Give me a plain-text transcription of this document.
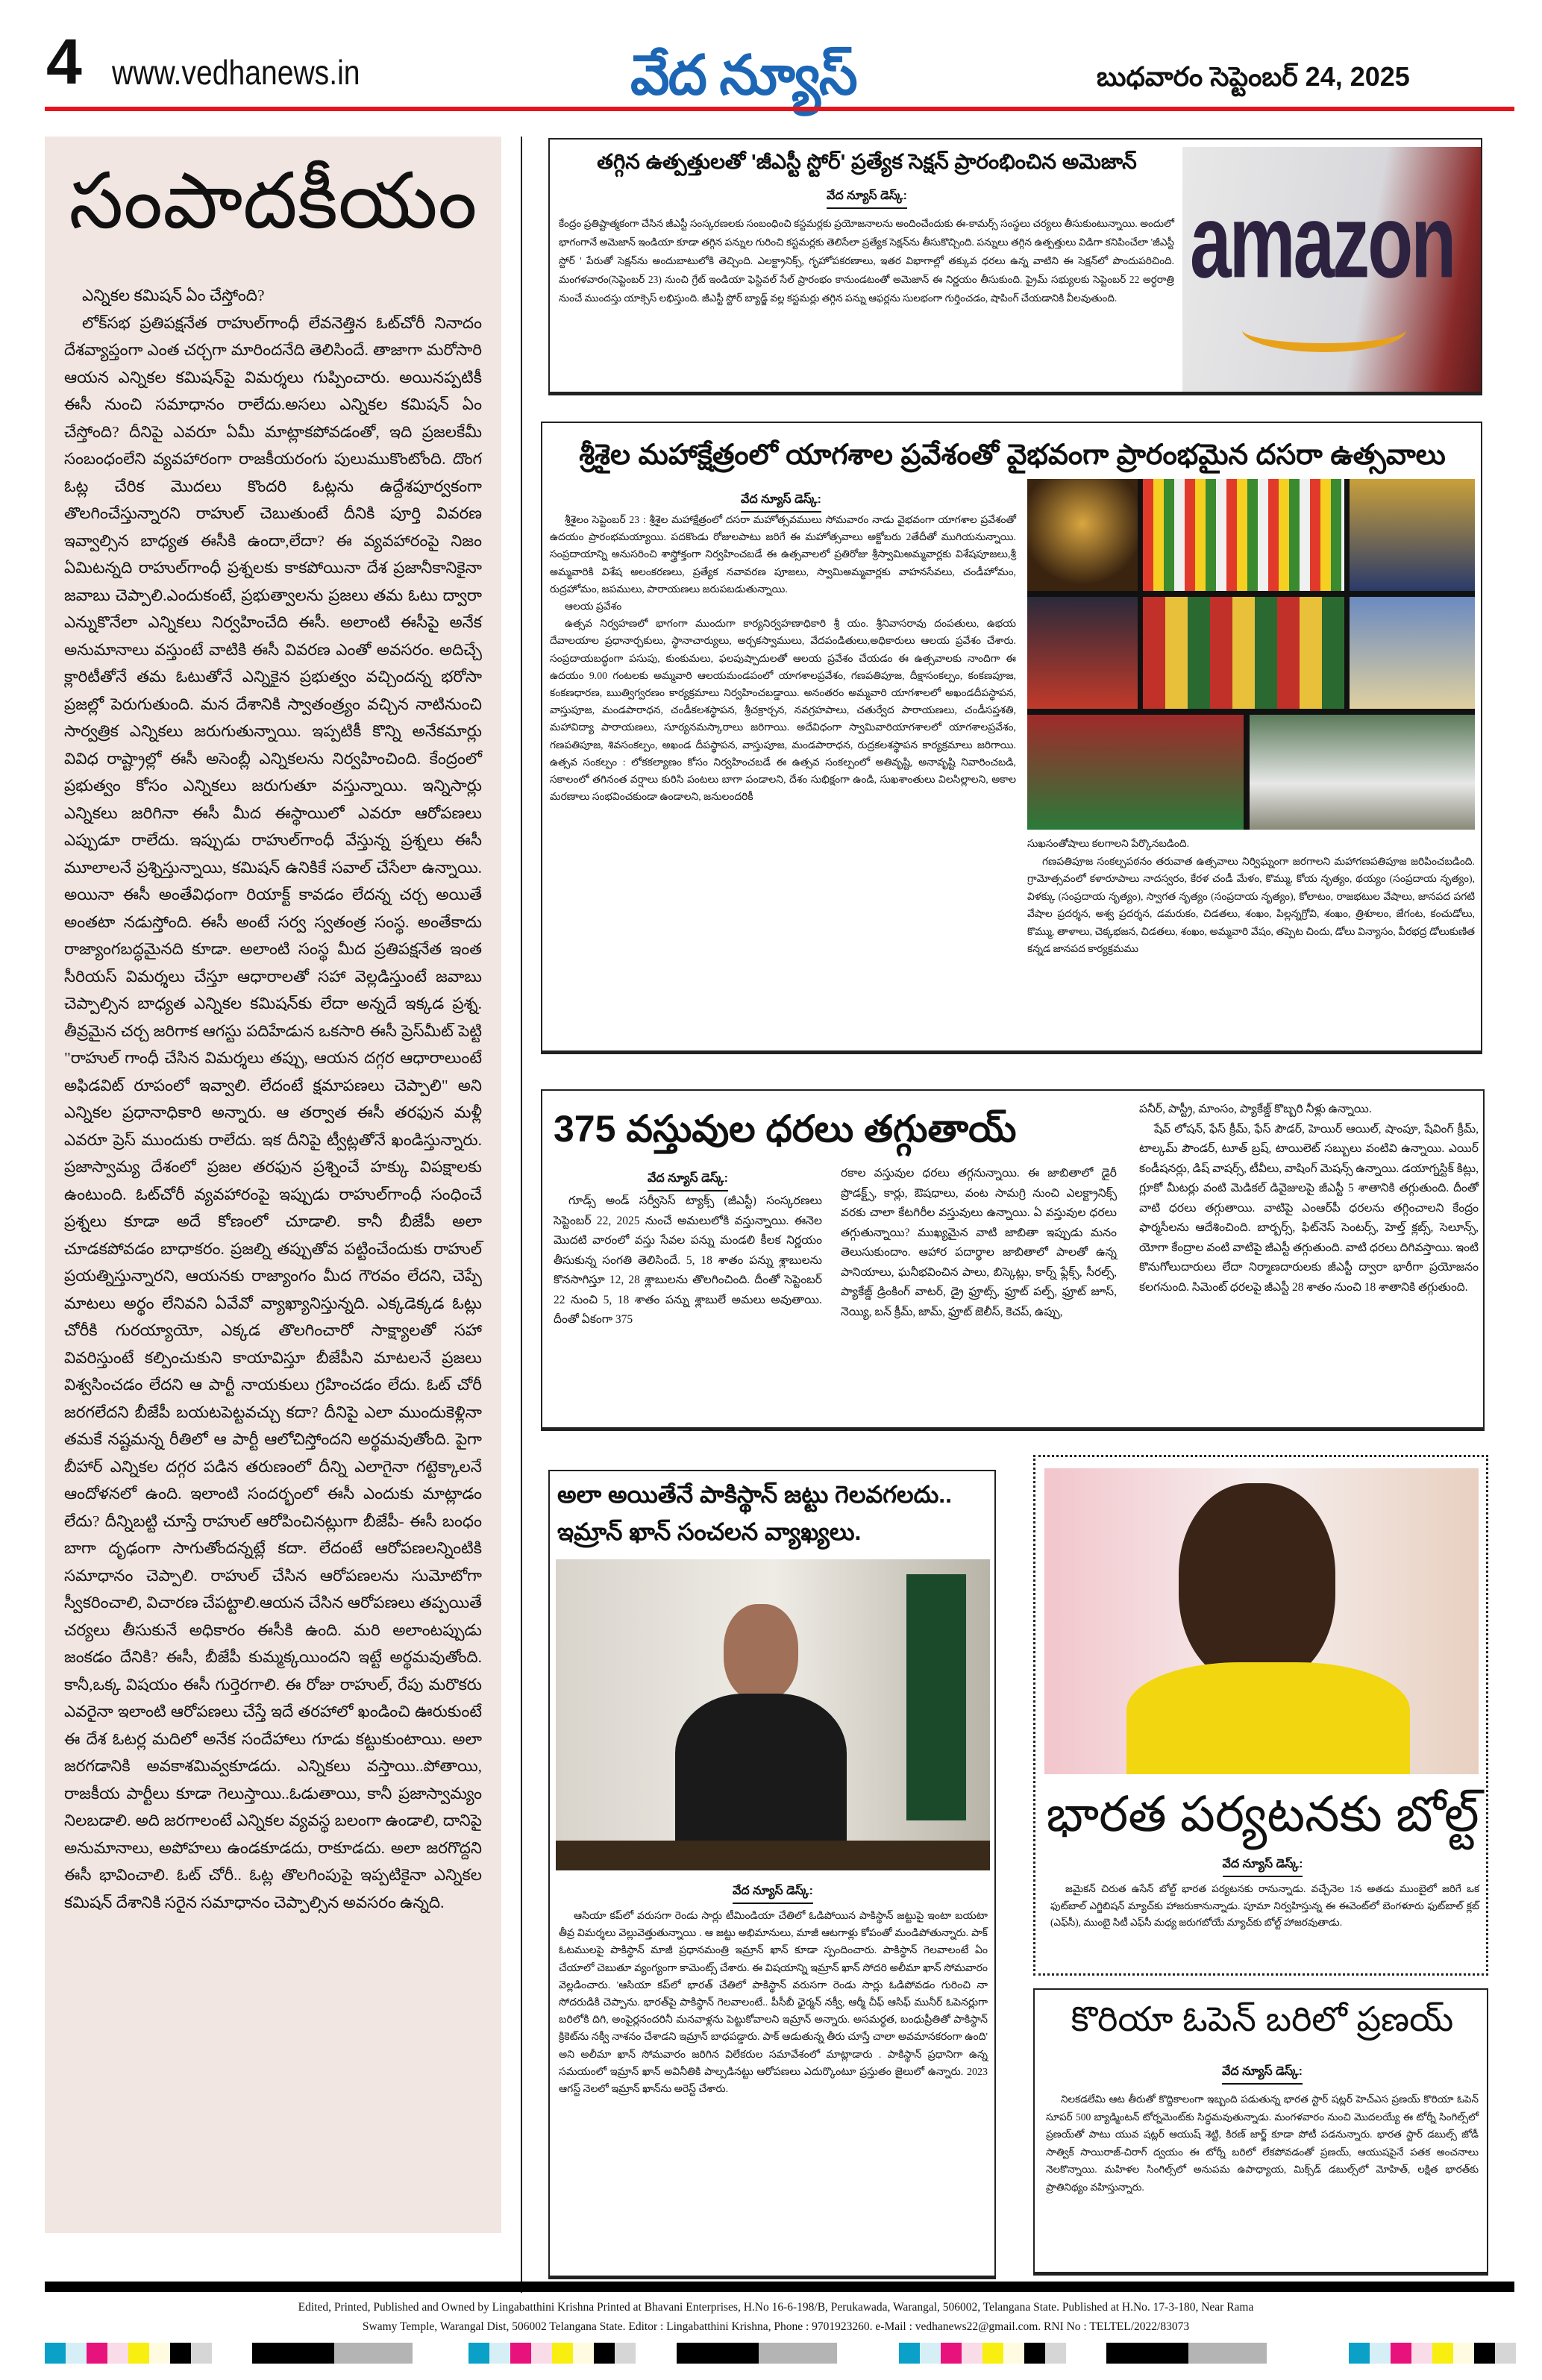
4 www.vedhanews.in	వేద న్యూస్	బుధవారం సెప్టెంబర్ 24, 2025
సంపాదకీయం

ఎన్నికల కమిషన్ ఏం చేస్తోంది?

లోక్‌సభ ప్రతిపక్షనేత రాహుల్‌గాంధీ లేవనెత్తిన ఓట్‌చోరీ నినాదం దేశవ్యాప్తంగా ఎంత చర్చగా మారిందనేది తెలిసిందే. తాజాగా మరోసారి ఆయన ఎన్నికల కమిషన్‌పై విమర్శలు గుప్పించారు. అయినప్పటికీ ఈసీ నుంచి సమాధానం రాలేదు.అసలు ఎన్నికల కమిషన్ ఏం చేస్తోంది? దీనిపై ఎవరూ ఏమీ మాట్లాకపోవడంతో, ఇది ప్రజలకేమీ సంబంధంలేని వ్యవహారంగా రాజకీయరంగు పులుముకొంటోంది. దొంగ ఓట్ల చేరిక మొదలు కొందరి ఓట్లను ఉద్దేశపూర్వకంగా తొలగించేస్తున్నారని రాహుల్ చెబుతుంటే దీనికి పూర్తి వివరణ ఇవ్వాల్సిన బాధ్యత ఈసీకి ఉందా,లేదా? ఈ వ్యవహారంపై నిజం ఏమిటన్నది రాహుల్‌గాంధీ ప్రశ్నలకు కాకపోయినా దేశ ప్రజానీకానికైనా జవాబు చెప్పాలి.ఎందుకంటే, ప్రభుత్వాలను ప్రజలు తమ ఓటు ద్వారా ఎన్నుకొనేలా ఎన్నికలు నిర్వహించేది ఈసీ. అలాంటి ఈసీపై అనేక అనుమానాలు వస్తుంటే వాటికి ఈసీ వివరణ ఎంతో అవసరం. అదిచ్చే క్లారిటీతోనే తమ ఓటుతోనే ఎన్నికైన ప్రభుత్వం వచ్చిందన్న భరోసా ప్రజల్లో పెరుగుతుంది. మన దేశానికి స్వాతంత్ర్యం వచ్చిన నాటినుంచి సార్వత్రిక ఎన్నికలు జరుగుతున్నాయి. ఇప్పటికీ కొన్ని అనేకమార్లు వివిధ రాష్ట్రాల్లో ఈసీ అసెంబ్లీ ఎన్నికలను నిర్వహించింది. కేంద్రంలో ప్రభుత్వం కోసం ఎన్నికలు జరుగుతూ వస్తున్నాయి. ఇన్నిసార్లు ఎన్నికలు జరిగినా ఈసీ మీద ఈస్థాయిలో ఎవరూ ఆరోపణలు ఎప్పుడూ రాలేదు. ఇప్పుడు రాహుల్‌గాంధీ వేస్తున్న ప్రశ్నలు ఈసీ మూలాలనే ప్రశ్నిస్తున్నాయి, కమిషన్ ఉనికికే సవాల్ చేసేలా ఉన్నాయి. అయినా ఈసీ అంతేవిధంగా రియాక్ట్ కావడం లేదన్న చర్చ అయితే అంతటా నడుస్తోంది. ఈసీ అంటే సర్వ స్వతంత్ర సంస్థ. అంతేకాదు రాజ్యాంగబద్ధమైనది కూడా. అలాంటి సంస్థ మీద ప్రతిపక్షనేత ఇంత సీరియస్ విమర్శలు చేస్తూ ఆధారాలతో సహా వెల్లడిస్తుంటే జవాబు చెప్పాల్సిన బాధ్యత ఎన్నికల కమిషన్‌కు లేదా అన్నదే ఇక్కడ ప్రశ్న. తీవ్రమైన చర్చ జరిగాక ఆగస్టు పదిహేడున ఒకసారి ఈసీ ప్రెస్‌మీట్ పెట్టి "రాహుల్ గాంధీ చేసిన విమర్శలు తప్పు, ఆయన దగ్గర ఆధారాలుంటే అఫిడవిట్ రూపంలో ఇవ్వాలి. లేదంటే క్షమాపణలు చెప్పాలి" అని ఎన్నికల ప్రధానాధికారి అన్నారు. ఆ తర్వాత ఈసీ తరఫున మళ్లీ ఎవరూ ప్రెస్ ముందుకు రాలేదు. ఇక దీనిపై ట్వీట్లతోనే ఖండిస్తున్నారు. ప్రజాస్వామ్య దేశంలో ప్రజల తరఫున ప్రశ్నించే హక్కు విపక్షాలకు ఉంటుంది. ఓట్‌చోరీ వ్యవహారంపై ఇప్పుడు రాహుల్‌గాంధీ సంధించే ప్రశ్నలు కూడా అదే కోణంలో చూడాలి. కానీ బీజేపీ అలా చూడకపోవడం బాధాకరం. ప్రజల్ని తప్పుతోవ పట్టించేందుకు రాహుల్ ప్రయత్నిస్తున్నారని, ఆయనకు రాజ్యాంగం మీద గౌరవం లేదని, చెప్పే మాటలు అర్థం లేనివని ఏవేవో వ్యాఖ్యానిస్తున్నది. ఎక్కడెక్కడ ఓట్లు చోరీకి గురయ్యాయో, ఎక్కడ తొలగించారో సాక్ష్యాలతో సహా వివరిస్తుంటే కల్పించుకుని కాయావిస్తూ బీజేపీని మాటలనే ప్రజలు విశ్వసించడం లేదని ఆ పార్టీ నాయకులు గ్రహించడం లేదు. ఓట్ చోరీ జరగలేదని బీజేపీ బయటపెట్టవచ్చు కదా? దీనిపై ఎలా ముందుకెళ్లినా తమకే నష్టమన్న రీతిలో ఆ పార్టీ ఆలోచిస్తోందని అర్థమవుతోంది. పైగా బీహార్ ఎన్నికల దగ్గర పడిన తరుణంలో దీన్ని ఎలాగైనా గట్టెక్కాలనే ఆందోళనలో ఉంది. ఇలాంటి సందర్భంలో ఈసీ ఎందుకు మాట్లాడం లేదు? దీన్నిబట్టి చూస్తే రాహుల్ ఆరోపించినట్లుగా బీజేపీ- ఈసీ బంధం బాగా దృఢంగా సాగుతోందన్నట్లే కదా. లేదంటే ఆరోపణలన్నింటికి సమాధానం చెప్పాలి. రాహుల్ చేసిన ఆరోపణలను సుమోటోగా స్వీకరించాలి, విచారణ చేపట్టాలి.ఆయన చేసిన ఆరోపణలు తప్పయితే చర్యలు తీసుకునే అధికారం ఈసీకి ఉంది. మరి అలాంటప్పుడు జంకడం దేనికి? ఈసీ, బీజేపీ కుమ్మక్కయిందని ఇట్టే అర్థమవుతోంది. కానీ,ఒక్క విషయం ఈసీ గుర్తెరగాలి. ఈ రోజు రాహుల్, రేపు మరొకరు ఎవరైనా ఇలాంటి ఆరోపణలు చేస్తే ఇదే తరహాలో ఖండించి ఊరుకుంటే ఈ దేశ ఓటర్ల మదిలో అనేక సందేహాలు గూడు కట్టుకుంటాయి. అలా జరగడానికి అవకాశమివ్వకూడదు. ఎన్నికలు వస్తాయి..పోతాయి, రాజకీయ పార్టీలు కూడా గెలుస్తాయి..ఓడుతాయి, కానీ ప్రజాస్వామ్యం నిలబడాలి. అది జరగాలంటే ఎన్నికల వ్యవస్థ బలంగా ఉండాలి, దానిపై అనుమానాలు, అపోహలు ఉండకూడదు, రాకూడదు. అలా జరగొద్దని ఈసీ భావించాలి. ఓట్ చోరీ.. ఓట్ల తొలగింపుపై ఇప్పటికైనా ఎన్నికల కమిషన్ దేశానికి సరైన సమాధానం చెప్పాల్సిన అవసరం ఉన్నది.

తగ్గిన ఉత్పత్తులతో 'జీఎస్టీ స్టోర్' ప్రత్యేక సెక్షన్ ప్రారంభించిన అమెజాన్
వేద న్యూస్ డెస్క్:
కేంద్రం ప్రతిష్టాత్మకంగా చేసిన జీఎస్టీ సంస్కరణలకు సంబంధించి కస్టమర్లకు ప్రయోజనాలను అందించేందుకు ఈ-కామర్స్ సంస్థలు చర్యలు తీసుకుంటున్నాయి. అందులో భాగంగానే అమెజాన్ ఇండియా కూడా తగ్గిన పన్నుల గురించి కస్టమర్లకు తెలిసేలా ప్రత్యేక సెక్షన్‌ను తీసుకొచ్చింది. పన్నులు తగ్గిన ఉత్పత్తులు విడిగా కనిపించేలా 'జీఎస్టీ స్టోర్ ' పేరుతో సెక్షన్‌ను అందుబాటులోకి తెచ్చింది. ఎలక్ట్రానిక్స్, గృహోపకరణాలు, ఇతర విభాగాల్లో తక్కువ ధరలు ఉన్న వాటిని ఈ సెక్షన్‌లో పొందుపరిచింది. మంగళవారం(సెప్టెంబర్ 23) నుంచి గ్రేట్ ఇండియా ఫెస్టివల్ సేల్ ప్రారంభం కానుండటంతో అమెజాన్ ఈ నిర్ణయం తీసుకుంది. ప్రైమ్ సభ్యులకు సెప్టెంబర్ 22 అర్ధరాత్రి నుంచే ముందస్తు యాక్సెస్ లభిస్తుంది. జీఎస్టీ స్టోర్ బ్యాడ్జ్ వల్ల కస్టమర్లు తగ్గిన పన్ను ఆఫర్లను సులభంగా గుర్తించడం, షాపింగ్ చేయడానికి వీలవుతుంది. amazon
శ్రీశైల మహాక్షేత్రంలో యాగశాల ప్రవేశంతో వైభవంగా ప్రారంభమైన దసరా ఉత్సవాలు
వేద న్యూస్ డెస్క్:

శ్రీశైలం సెప్టెంబర్ 23 : శ్రీశైల మహాక్షేత్రంలో దసరా మహోత్సవములు సోమవారం నాడు వైభవంగా యాగశాల ప్రవేశంతో ఉదయం ప్రారంభమయ్యాయి. పదకొండు రోజులపాటు జరిగే ఈ మహోత్సవాలు అక్టోబరు 2తేదీతో ముగియనున్నాయి. సంప్రదాయాన్ని అనుసరించి శాస్త్రోక్తంగా నిర్వహించబడే ఈ ఉత్సవాలలో ప్రతిరోజు శ్రీస్వామిఅమ్మవార్లకు విశేషపూజలు,శ్రీ అమ్మవారికి విశేష అలంకరణలు, ప్రత్యేక నవావరణ పూజలు, స్వామిఅమ్మవార్లకు వాహనసేవలు, చండీహోమం, రుద్రహోమం, జపములు, పారాయణలు జరుపబడుతున్నాయి.

ఆలయ ప్రవేశం

ఉత్సవ నిర్వహణలో భాగంగా ముందుగా కార్యనిర్వహణాధికారి శ్రీ యం. శ్రీనివాసరావు దంపతులు, ఉభయ దేవాలయాల ప్రధానార్చకులు, స్థానాచార్యులు, అర్చకస్వాములు, వేదపండితులు,అధికారులు ఆలయ ప్రవేశం చేశారు. సంప్రదాయబద్ధంగా పసుపు, కుంకుమలు, ఫలపుష్పాదులతో ఆలయ ప్రవేశం చేయడం ఈ ఉత్సవాలకు నాందిగా ఈ ఉదయం 9.00 గంటలకు అమ్మవారి ఆలయమండపంలో యాగశాలప్రవేశం, గణపతిపూజ, దీక్షాసంకల్పం, కంకణపూజ, కంకణధారణ, ఋత్విగ్వరణం కార్యక్రమాలు నిర్వహించబడ్డాయి. అనంతరం అమ్మవారి యాగశాలలో అఖండదీపస్థాపన, వాస్తుపూజ, మండపారాధన, చండీకలశస్థాపన, శ్రీచక్రార్చన, నవగ్రహపాలు, చతుర్వేద పారాయణలు, చండీసప్తశతి, మహావిద్యా పారాయణలు, సూర్యనమస్కారాలు జరిగాయి. అదేవిధంగా స్వామివారియాగశాలలో యాగశాలప్రవేశం, గణపతిపూజ, శివసంకల్పం, అఖండ దీపస్థాపన, వాస్తుపూజ, మండపారాధన, రుద్రకలశస్థాపన కార్యక్రమాలు జరిగాయి. ఉత్సవ సంకల్పం : లోకకల్యాణం కోసం నిర్వహించబడే ఈ ఉత్సవ సంకల్పంలో అతివృష్టి, అనావృష్టి నివారించబడి, సకాలంలో తగినంత వర్షాలు కురిసి పంటలు బాగా పండాలని, దేశం సుభిక్షంగా ఉండి, సుఖశాంతులు విలసిల్లాలని, అకాల మరణాలు సంభవించకుండా ఉండాలని, జనులందరికీ

సుఖసంతోషాలు కలగాలని పేర్కొనబడింది.

గణపతిపూజ సంకల్పపఠనం తరువాత ఉత్సవాలు నిర్విఘ్నంగా జరగాలని మహాగణపతిపూజ జరిపించబడింది. గ్రామోత్సవంలో కళారూపాలు నాదస్వరం, కేరళ చండీ మేళం, కొమ్ము, కోయ నృత్యం, థయ్యం (సంప్రదాయ నృత్యం), విళక్కు (సంప్రదాయ నృత్యం), స్వాగత నృత్యం (సంప్రదాయ నృత్యం), కోలాటం, రాజభటుల వేషాలు, జానపద పగటి వేషాల ప్రదర్శన, అశ్వ ప్రదర్శన, డమరుకం, చిడతలు, శంఖం, పిల్లన్నగ్రోవి, శంఖం, త్రిశూలం, జేగంట, కంచుడోలు, కొమ్ము, తాళాలు, చెక్కభజన, చిడతలు, శంఖం, అమ్మవారి వేషం, తప్పెట చిందు, డోలు విన్యాసం, వీరభద్ర డోలుకుణిత కన్నడ జానపద కార్యక్రమము

375 వస్తువుల ధరలు తగ్గుతాయ్
వేద న్యూస్ డెస్క్:

గూడ్స్ అండ్ సర్వీసెస్ ట్యాక్స్ (జీఎస్టీ) సంస్కరణలు సెప్టెంబర్ 22, 2025 నుంచే అమలులోకి వస్తున్నాయి. ఈనెల మొదటి వారంలో వస్తు సేవల పన్ను మండలి కీలక నిర్ణయం తీసుకున్న సంగతి తెలిసిందే. 5, 18 శాతం పన్ను శ్లాబులను కొనసాగిస్తూ 12, 28 శ్లాబులను తొలగించింది. దీంతో సెప్టెంబర్ 22 నుంచి 5, 18 శాతం పన్ను శ్లాబులే అమలు అవుతాయి. దీంతో ఏకంగా 375

రకాల వస్తువుల ధరలు తగ్గనున్నాయి. ఈ జాబితాలో డైరీ ప్రొడక్ట్స్, కార్లు, ఔషధాలు, వంట సామగ్రి నుంచి ఎలక్ట్రానిక్స్ వరకు చాలా కేటగిరీల వస్తువులు ఉన్నాయి. ఏ వస్తువుల ధరలు తగ్గుతున్నాయి? ముఖ్యమైన వాటి జాబితా ఇప్పుడు మనం తెలుసుకుందాం. ఆహార పదార్థాల జాబితాలో పాలతో ఉన్న పానియాలు, ఘనీభవించిన పాలు, బిస్కెట్లు, కార్న్ ఫ్లేక్స్, సీరల్స్, ప్యాకేజ్డ్ డ్రింకింగ్ వాటర్, డ్రై ఫ్రూట్స్, ఫ్రూట్ పల్ప్, ఫ్రూట్ జూస్, నెయ్యి, బన్ క్రీమ్, జామ్, ఫ్రూట్ జెలీస్, కెచప్, ఉప్పు,

పనీర్, పాస్ట్రీ, మాంసం, ప్యాకేజ్డ్ కొబ్బరి నీళ్లు ఉన్నాయి.

షేవ్ లోషన్, ఫేస్ క్రీమ్, ఫేస్ పౌడర్, హెయిర్ ఆయిల్, షాంపూ, షేవింగ్ క్రీమ్, టాల్కమ్ పౌండర్, టూత్ బ్రష్, టాయిలెట్ సబ్బులు వంటివి ఉన్నాయి. ఎయిర్ కండీషనర్లు, డిష్ వాషర్స్, టీవీలు, వాషింగ్ మెషన్స్ ఉన్నాయి. డయాగ్నస్టిక్ కిట్లు, గ్లూకో మీటర్లు వంటి మెడికల్ డివైజులపై జీఎస్టీ 5 శాతానికి తగ్గుతుంది. దీంతో వాటి ధరలు తగ్గుతాయి. వాటిపై ఎంఆర్‌పీ ధరలను తగ్గించాలని కేంద్రం ఫార్మసీలను ఆదేశించింది. బార్బర్స్, ఫిట్‌నెస్ సెంటర్స్, హెల్త్ క్లబ్స్, సెలూన్స్, యోగా కేంద్రాల వంటి వాటిపై జీఎస్టీ తగ్గుతుంది. వాటి ధరలు దిగివస్తాయి. ఇంటి కొనుగోలుదారులు లేదా నిర్మాణదారులకు జీఎస్టీ ద్వారా భారీగా ప్రయోజనం కలగనుంది. సిమెంట్ ధరలపై జీఎస్టీ 28 శాతం నుంచి 18 శాతానికి తగ్గుతుంది.

అలా అయితేనే పాకిస్థాన్ జట్టు గెలవగలదు..
ఇమ్రాన్ ఖాన్ సంచలన వ్యాఖ్యలు.
వేద న్యూస్ డెస్క్:

ఆసియా కప్‌లో వరుసగా రెండు సార్లు టీమిండియా చేతిలో ఓడిపోయిన పాకిస్థాన్ జట్టుపై ఇంటా బయటా తీవ్ర విమర్శలు వెల్లువెత్తుతున్నాయి . ఆ జట్టు అభిమానులు, మాజీ ఆటగాళ్లు కోపంతో మండిపోతున్నారు. పాక్ ఓటములపై పాకిస్థాన్ మాజీ ప్రధానమంత్రి ఇమ్రాన్ ఖాన్ కూడా స్పందించారు. పాకిస్థాన్ గెలవాలంటే ఏం చేయాలో చెబుతూ వ్యంగ్యంగా కామెంట్స్ చేశారు. ఈ విషయాన్ని ఇమ్రాన్ ఖాన్ సోదరి అలీమా ఖాన్ సోమవారం వెల్లడించారు. 'ఆసియా కప్‌లో భారత్ చేతిలో పాకిస్థాన్ వరుసగా రెండు సార్లు ఓడిపోవడం గురించి నా సోదరుడికి చెప్పాను. భారత్‌పై పాకిస్థాన్ గెలవాలంటే.. పీసీబీ ఛైర్మన్ నక్వీ, ఆర్మీ చీఫ్ ఆసిఫ్ మునీర్ ఓపెనర్లుగా బరిలోకి దిగి, అంపైర్లనందరినీ మనవాళ్లను పెట్టుకోవాలని ఇమ్రాన్ అన్నారు. అసమర్థత, బంధుప్రీతితో పాకిస్థాన్ క్రికెట్‌ను నక్వీ నాశనం చేశాడని ఇమ్రాన్ బాధపడ్డారు. పాక్ ఆడుతున్న తీరు చూస్తే చాలా అవమానకరంగా ఉంది' అని అలీమా ఖాన్ సోమవారం జరిగిన విలేకరుల సమావేశంలో మాట్లాడారు . పాకిస్థాన్ ప్రధానిగా ఉన్న సమయంలో ఇమ్రాన్ ఖాన్ అవినీతికి పాల్పడినట్టు ఆరోపణలు ఎదుర్కొంటూ ప్రస్తుతం జైలులో ఉన్నారు. 2023 ఆగస్ట్ నెలలో ఇమ్రాన్ ఖాన్‌ను అరెస్ట్ చేశారు.

భారత పర్యటనకు బోల్ట్
వేద న్యూస్ డెస్క్:

జమైకన్ చిరుత ఉసేన్ బోల్ట్ భారత పర్యటనకు రానున్నాడు. వచ్చేనెల 1న అతడు ముంబైలో జరిగే ఒక ఫుట్‌బాల్ ఎగ్జిబిషన్ మ్యాచ్‌కు హాజరుకానున్నాడు. పూమా నిర్వహిస్తున్న ఈ ఈవెంట్‌లో బెంగళూరు ఫుట్‌బాల్ క్లబ్ (ఎఫ్‌సీ), ముంబై సిటీ ఎఫ్‌సీ మధ్య జరుగబోయే మ్యాచ్‌కు బోల్ట్ హాజరవుతాడు.

కొరియా ఓపెన్ బరిలో ప్రణయ్
వేద న్యూస్ డెస్క్:

నిలకడలేమి ఆట తీరుతో కొద్దికాలంగా ఇబ్బంది పడుతున్న భారత స్టార్ షట్లర్ హెచ్ఎస ప్రణయ్ కొరియా ఓపెన్ సూపర్ 500 బ్యాడ్మింటన్ టోర్నమెంట్‌కు సిద్ధమవుతున్నాడు. మంగళవారం నుంచి మొదలయ్యే ఈ టోర్నీ సింగిల్స్‌లో ప్రణయ్‌తో పాటు యువ షట్లర్ ఆయుష్ శెట్టి, కిరణ్ జార్జ్ కూడా పోటీ పడనున్నారు. భారత స్టార్ డబుల్స్ జోడీ సాత్విక్ సాయిరాజ్-చిరాగ్ ద్వయం ఈ టోర్నీ బరిలో లేకపోవడంతో ప్రణయ్, ఆయుషపైనే పతక అంచనాలు నెలకొన్నాయి. మహిళల సింగిల్స్‌లో అనుపమ ఉపాధ్యాయ, మిక్స్‌డ్ డబుల్స్‌లో మోహిత్, లక్షిత భారత్‌కు ప్రాతినిథ్యం వహిస్తున్నారు.

Edited, Printed, Published and Owned by Lingabatthini Krishna Printed at Bhavani Enterprises, H.No 16-6-198/B, Perukawada, Warangal, 506002, Telangana State. Published at H.No. 17-3-180, Near Rama
Swamy Temple, Warangal Dist, 506002 Telangana State. Editor : Lingabatthini Krishna, Phone : 9701923260. e-Mail : vedhanews22@gmail.com. RNI No : TELTEL/2022/83073
